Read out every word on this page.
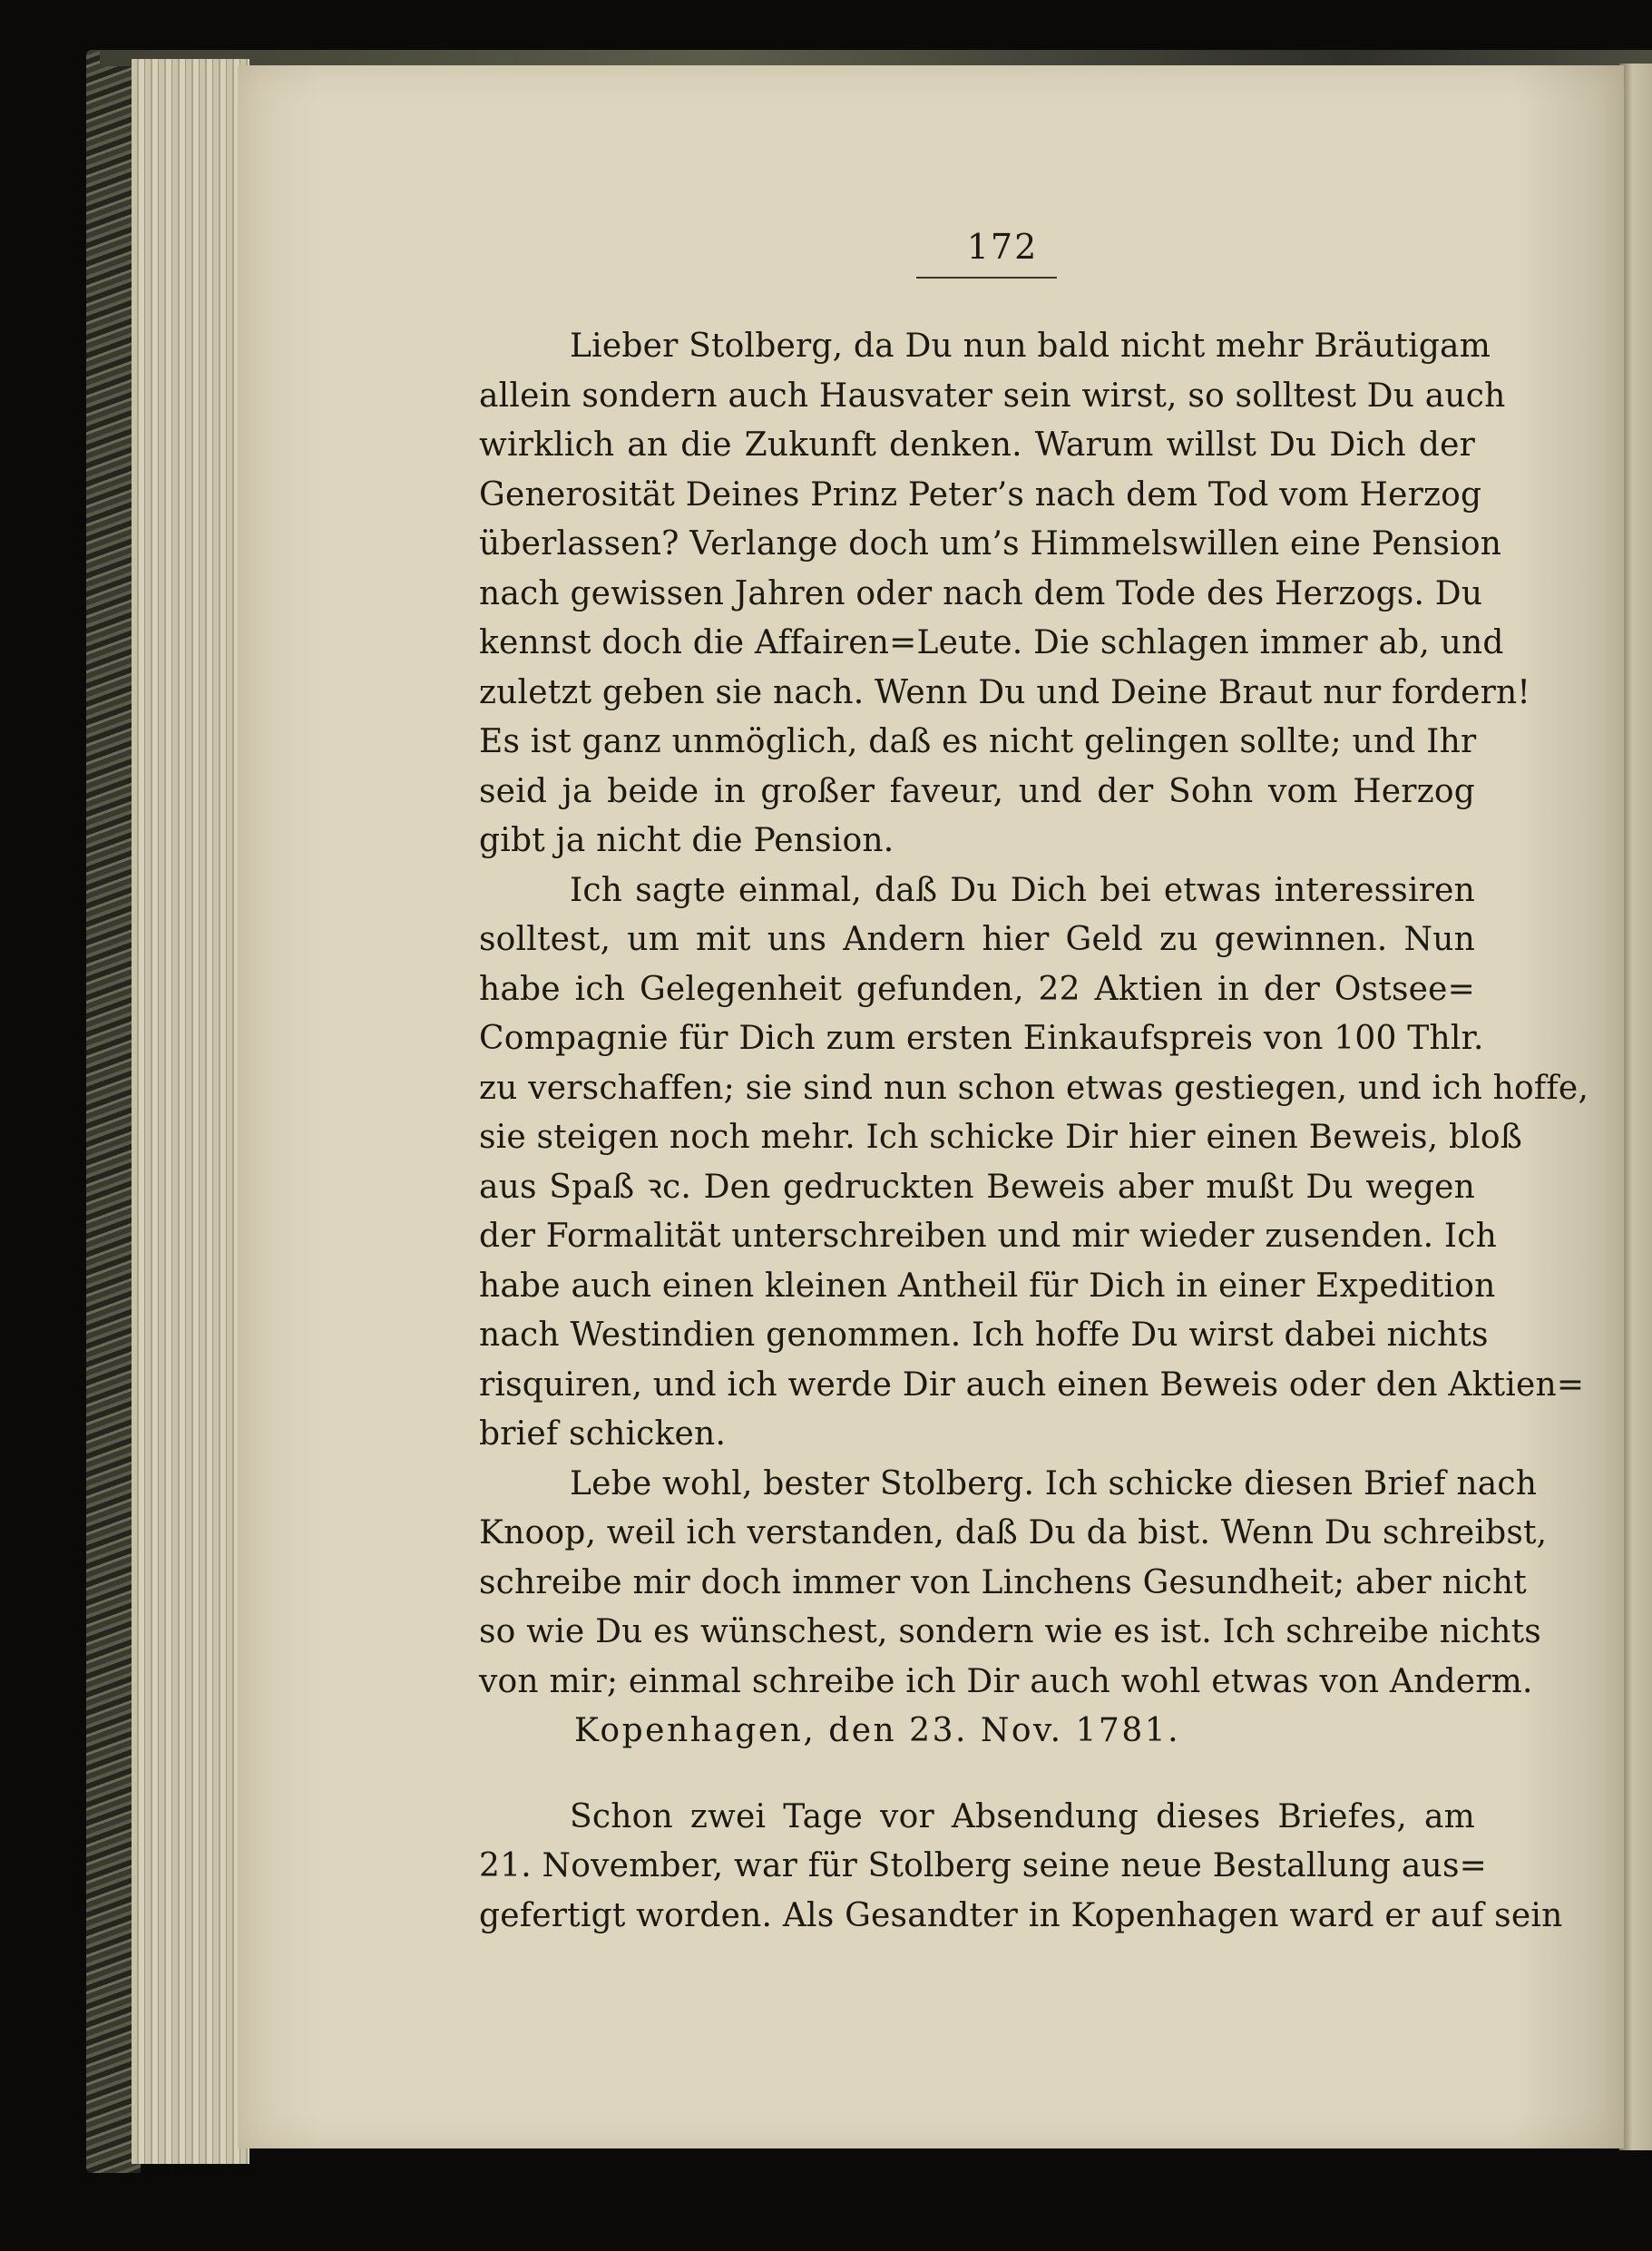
172
Lieber Stolberg, da Du nun bald nicht mehr Bräutigam
allein sondern auch Hausvater sein wirst, so solltest Du auch
wirklich an die Zukunft denken. Warum willst Du Dich der
Generosität Deines Prinz Peter’s nach dem Tod vom Herzog
überlassen? Verlange doch um’s Himmelswillen eine Pension
nach gewissen Jahren oder nach dem Tode des Herzogs. Du
kennst doch die Affairen=Leute. Die schlagen immer ab, und
zuletzt geben sie nach. Wenn Du und Deine Braut nur fordern!
Es ist ganz unmöglich, daß es nicht gelingen sollte; und Ihr
seid ja beide in großer faveur, und der Sohn vom Herzog
gibt ja nicht die Pension.
Ich sagte einmal, daß Du Dich bei etwas interessiren
solltest, um mit uns Andern hier Geld zu gewinnen. Nun
habe ich Gelegenheit gefunden, 22 Aktien in der Ostsee=
Compagnie für Dich zum ersten Einkaufspreis von 100 Thlr.
zu verschaffen; sie sind nun schon etwas gestiegen, und ich hoffe,
sie steigen noch mehr. Ich schicke Dir hier einen Beweis, bloß
aus Spaß ꝛc. Den gedruckten Beweis aber mußt Du wegen
der Formalität unterschreiben und mir wieder zusenden. Ich
habe auch einen kleinen Antheil für Dich in einer Expedition
nach Westindien genommen. Ich hoffe Du wirst dabei nichts
risquiren, und ich werde Dir auch einen Beweis oder den Aktien=
brief schicken.
Lebe wohl, bester Stolberg. Ich schicke diesen Brief nach
Knoop, weil ich verstanden, daß Du da bist. Wenn Du schreibst,
schreibe mir doch immer von Linchens Gesundheit; aber nicht
so wie Du es wünschest, sondern wie es ist. Ich schreibe nichts
von mir; einmal schreibe ich Dir auch wohl etwas von Anderm.
Kopenhagen, den 23. Nov. 1781.
Schon zwei Tage vor Absendung dieses Briefes, am
21. November, war für Stolberg seine neue Bestallung aus=
gefertigt worden. Als Gesandter in Kopenhagen ward er auf sein
